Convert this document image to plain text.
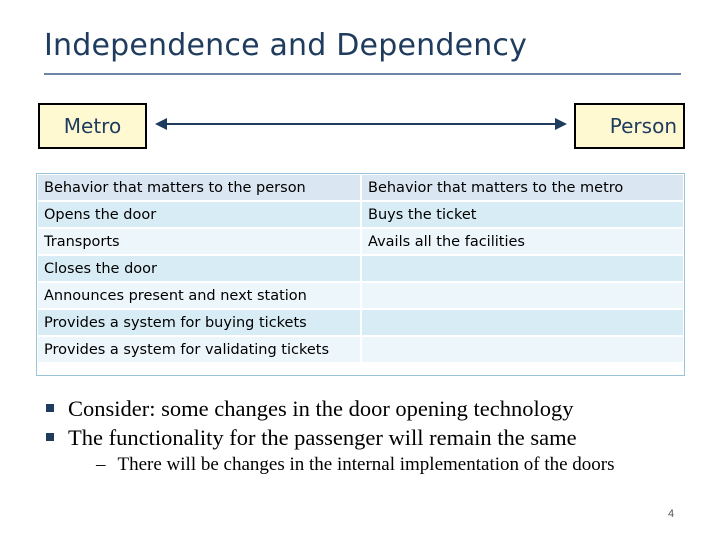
Independence and Dependency
Metro	Person
Behavior that matters to the person	Behavior that matters to the metro
Opens the door	Buys the ticket
Transports	Avails all the facilities
Closes the door	
Announces present and next station	
Provides a system for buying tickets	
Provides a system for validating tickets	
Consider: some changes in the door opening technology
The functionality for the passenger will remain the same
– There will be changes in the internal implementation of the doors
4
